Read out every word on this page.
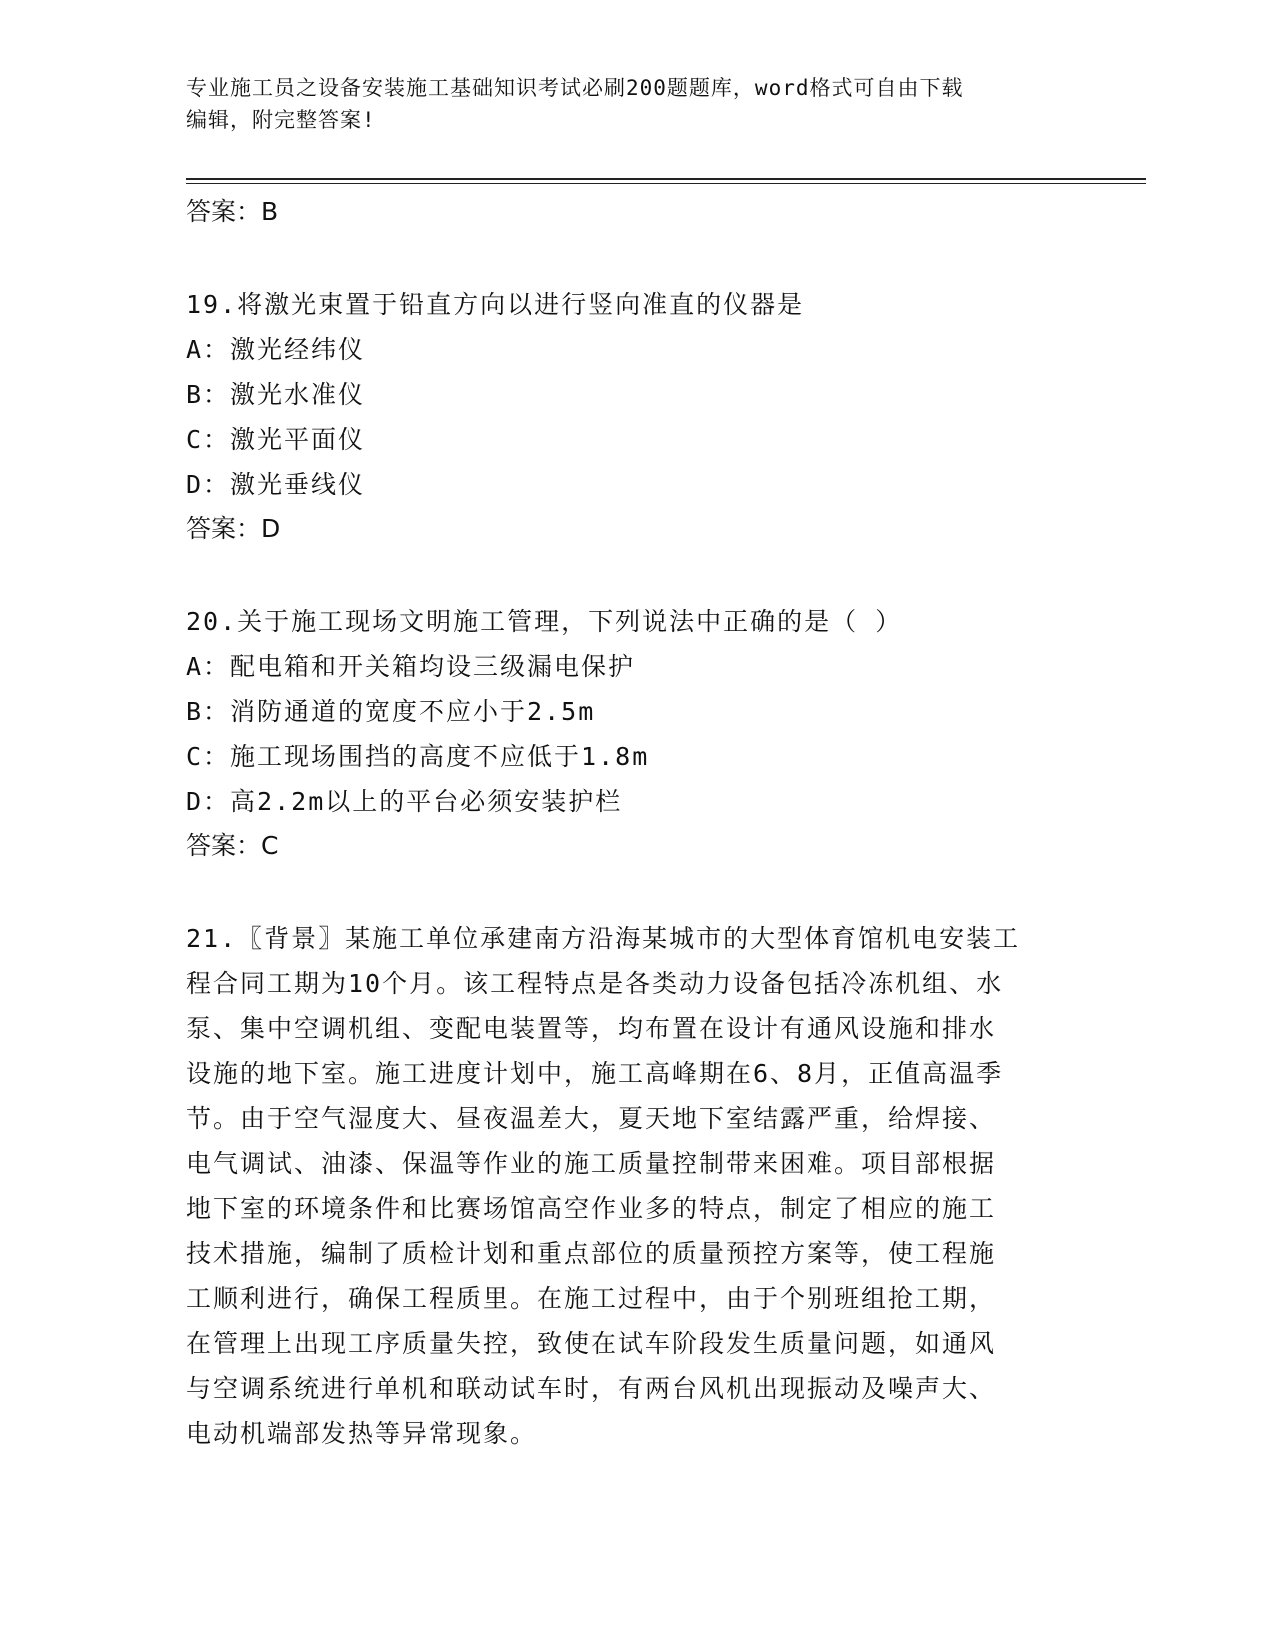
专业施工员之设备安装施工基础知识考试必刷200题题库，word格式可自由下载
编辑，附完整答案!

答案：B

19.将激光束置于铅直方向以进行竖向准直的仪器是

A：激光经纬仪

B：激光水准仪

C：激光平面仪

D：激光垂线仪

答案：D

20.关于施工现场文明施工管理，下列说法中正确的是（ ）

A：配电箱和开关箱均设三级漏电保护

B：消防通道的宽度不应小于2.5m

C：施工现场围挡的高度不应低于1.8m

D：高2.2m以上的平台必须安装护栏

答案：C

21.〖背景〗某施工单位承建南方沿海某城市的大型体育馆机电安装工
程合同工期为10个月。该工程特点是各类动力设备包括冷冻机组、水
泵、集中空调机组、变配电装置等，均布置在设计有通风设施和排水
设施的地下室。施工进度计划中，施工高峰期在6、8月，正值高温季
节。由于空气湿度大、昼夜温差大，夏天地下室结露严重，给焊接、
电气调试、油漆、保温等作业的施工质量控制带来困难。项目部根据
地下室的环境条件和比赛场馆高空作业多的特点，制定了相应的施工
技术措施，编制了质检计划和重点部位的质量预控方案等，使工程施
工顺利进行，确保工程质里。在施工过程中，由于个别班组抢工期，
在管理上出现工序质量失控，致使在试车阶段发生质量问题，如通风
与空调系统进行单机和联动试车时，有两台风机出现振动及噪声大、
电动机端部发热等异常现象。
